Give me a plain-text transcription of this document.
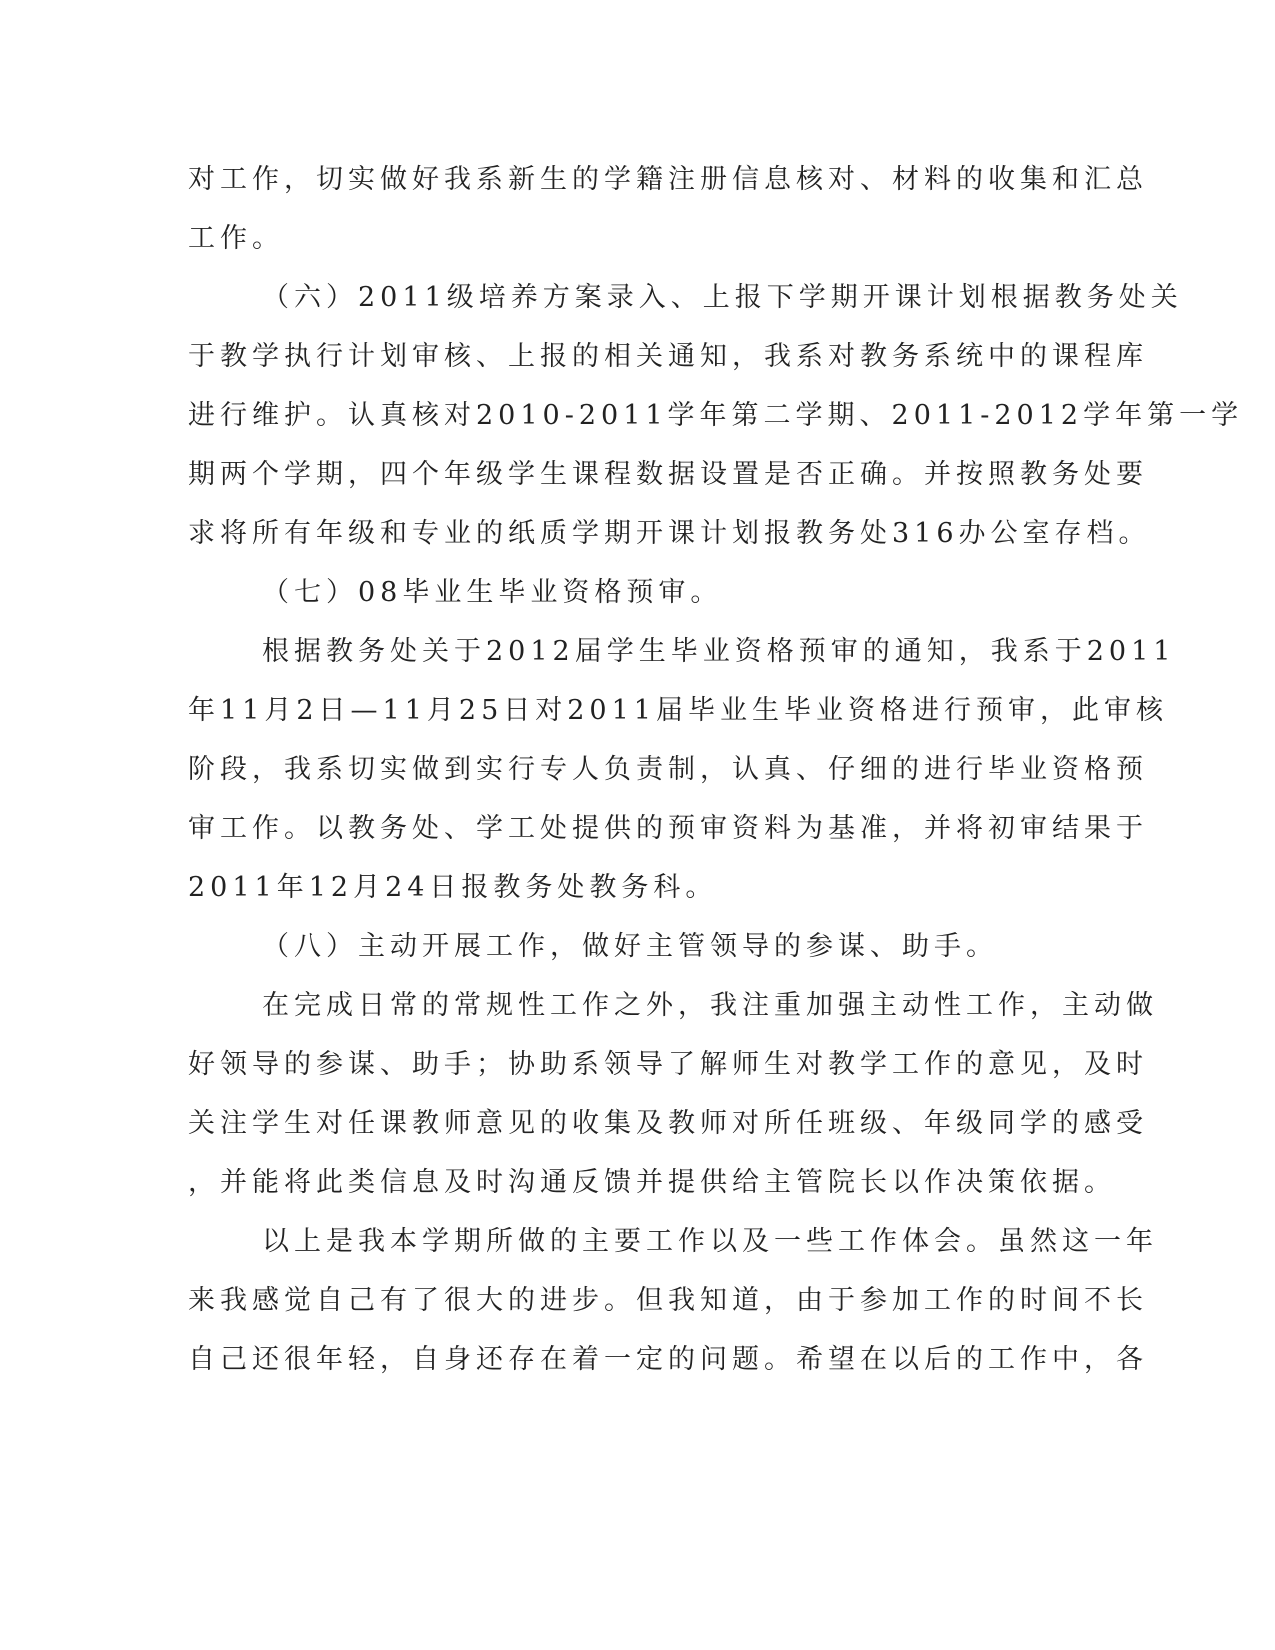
对工作，切实做好我系新生的学籍注册信息核对、材料的收集和汇总
工作。
（六）2011级培养方案录入、上报下学期开课计划根据教务处关
于教学执行计划审核、上报的相关通知，我系对教务系统中的课程库
进行维护。认真核对2010-2011学年第二学期、2011-2012学年第一学
期两个学期，四个年级学生课程数据设置是否正确。并按照教务处要
求将所有年级和专业的纸质学期开课计划报教务处316办公室存档。
（七）08毕业生毕业资格预审。
根据教务处关于2012届学生毕业资格预审的通知，我系于2011
年11月2日—11月25日对2011届毕业生毕业资格进行预审，此审核
阶段，我系切实做到实行专人负责制，认真、仔细的进行毕业资格预
审工作。以教务处、学工处提供的预审资料为基准，并将初审结果于
2011年12月24日报教务处教务科。
（八）主动开展工作，做好主管领导的参谋、助手。
在完成日常的常规性工作之外，我注重加强主动性工作，主动做
好领导的参谋、助手；协助系领导了解师生对教学工作的意见，及时
关注学生对任课教师意见的收集及教师对所任班级、年级同学的感受
，并能将此类信息及时沟通反馈并提供给主管院长以作决策依据。
以上是我本学期所做的主要工作以及一些工作体会。虽然这一年
来我感觉自己有了很大的进步。但我知道，由于参加工作的时间不长
自己还很年轻，自身还存在着一定的问题。希望在以后的工作中，各
